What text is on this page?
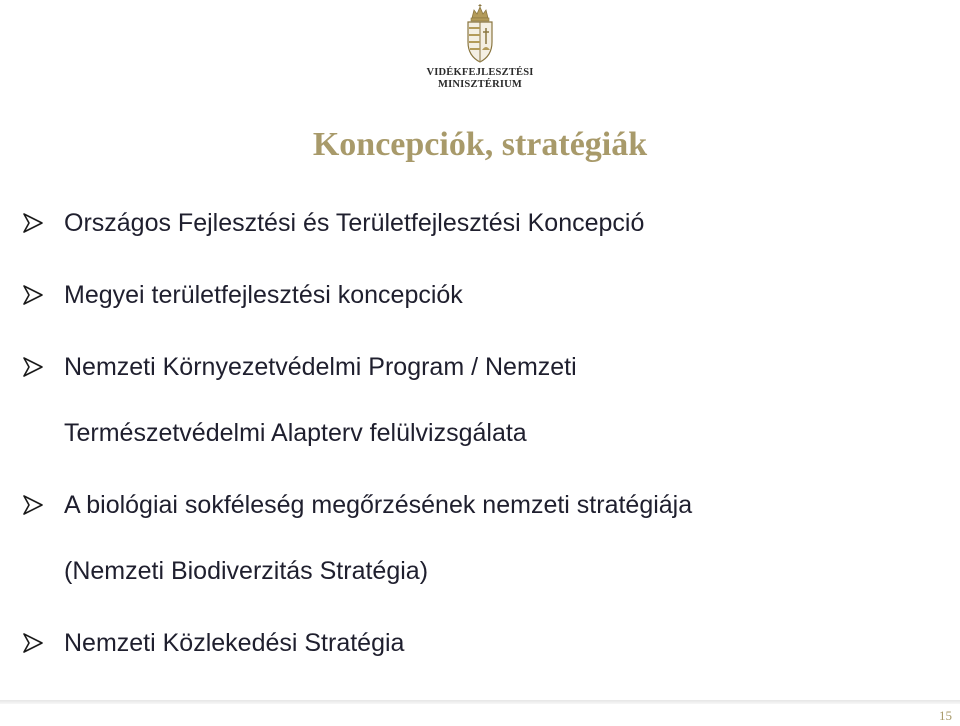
VIDÉKFEJLESZTÉSI
MINISZTÉRIUM
Koncepciók, stratégiák
Országos Fejlesztési és Területfejlesztési Koncepció
Megyei területfejlesztési koncepciók
Nemzeti Környezetvédelmi Program / Nemzeti
Természetvédelmi Alapterv felülvizsgálata
A biológiai sokféleség megőrzésének nemzeti stratégiája
(Nemzeti Biodiverzitás Stratégia)
Nemzeti Közlekedési Stratégia
15
